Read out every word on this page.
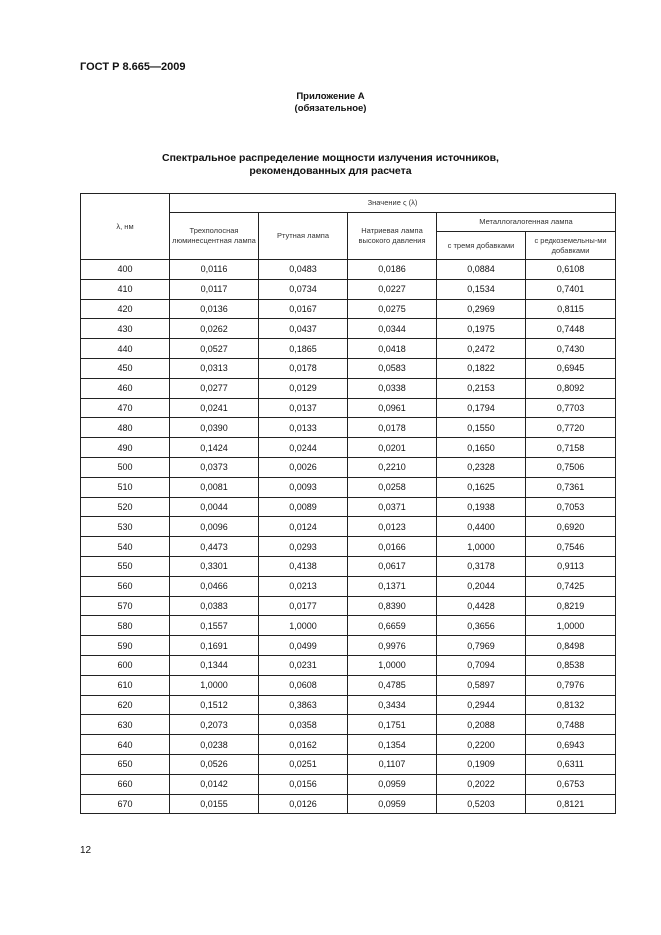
ГОСТ Р 8.665—2009
Приложение А
(обязательное)
Спектральное распределение мощности излучения источников,
рекомендованных для расчета
λ, нм	Значение ς (λ)				
	Трехполосная люминесцентная лампа	Ртутная лампа	Натриевая лампа высокого давления	Металлогалогенная лампа	
				с тремя добавками	с редкоземельны-ми добавками
400	0,0116	0,0483	0,0186	0,0884	0,6108
410	0,0117	0,0734	0,0227	0,1534	0,7401
420	0,0136	0,0167	0,0275	0,2969	0,8115
430	0,0262	0,0437	0,0344	0,1975	0,7448
440	0,0527	0,1865	0,0418	0,2472	0,7430
450	0,0313	0,0178	0,0583	0,1822	0,6945
460	0,0277	0,0129	0,0338	0,2153	0,8092
470	0,0241	0,0137	0,0961	0,1794	0,7703
480	0,0390	0,0133	0,0178	0,1550	0,7720
490	0,1424	0,0244	0,0201	0,1650	0,7158
500	0,0373	0,0026	0,2210	0,2328	0,7506
510	0,0081	0,0093	0,0258	0,1625	0,7361
520	0,0044	0,0089	0,0371	0,1938	0,7053
530	0,0096	0,0124	0,0123	0,4400	0,6920
540	0,4473	0,0293	0,0166	1,0000	0,7546
550	0,3301	0,4138	0,0617	0,3178	0,9113
560	0,0466	0,0213	0,1371	0,2044	0,7425
570	0,0383	0,0177	0,8390	0,4428	0,8219
580	0,1557	1,0000	0,6659	0,3656	1,0000
590	0,1691	0,0499	0,9976	0,7969	0,8498
600	0,1344	0,0231	1,0000	0,7094	0,8538
610	1,0000	0,0608	0,4785	0,5897	0,7976
620	0,1512	0,3863	0,3434	0,2944	0,8132
630	0,2073	0,0358	0,1751	0,2088	0,7488
640	0,0238	0,0162	0,1354	0,2200	0,6943
650	0,0526	0,0251	0,1107	0,1909	0,6311
660	0,0142	0,0156	0,0959	0,2022	0,6753
670	0,0155	0,0126	0,0959	0,5203	0,8121
12
